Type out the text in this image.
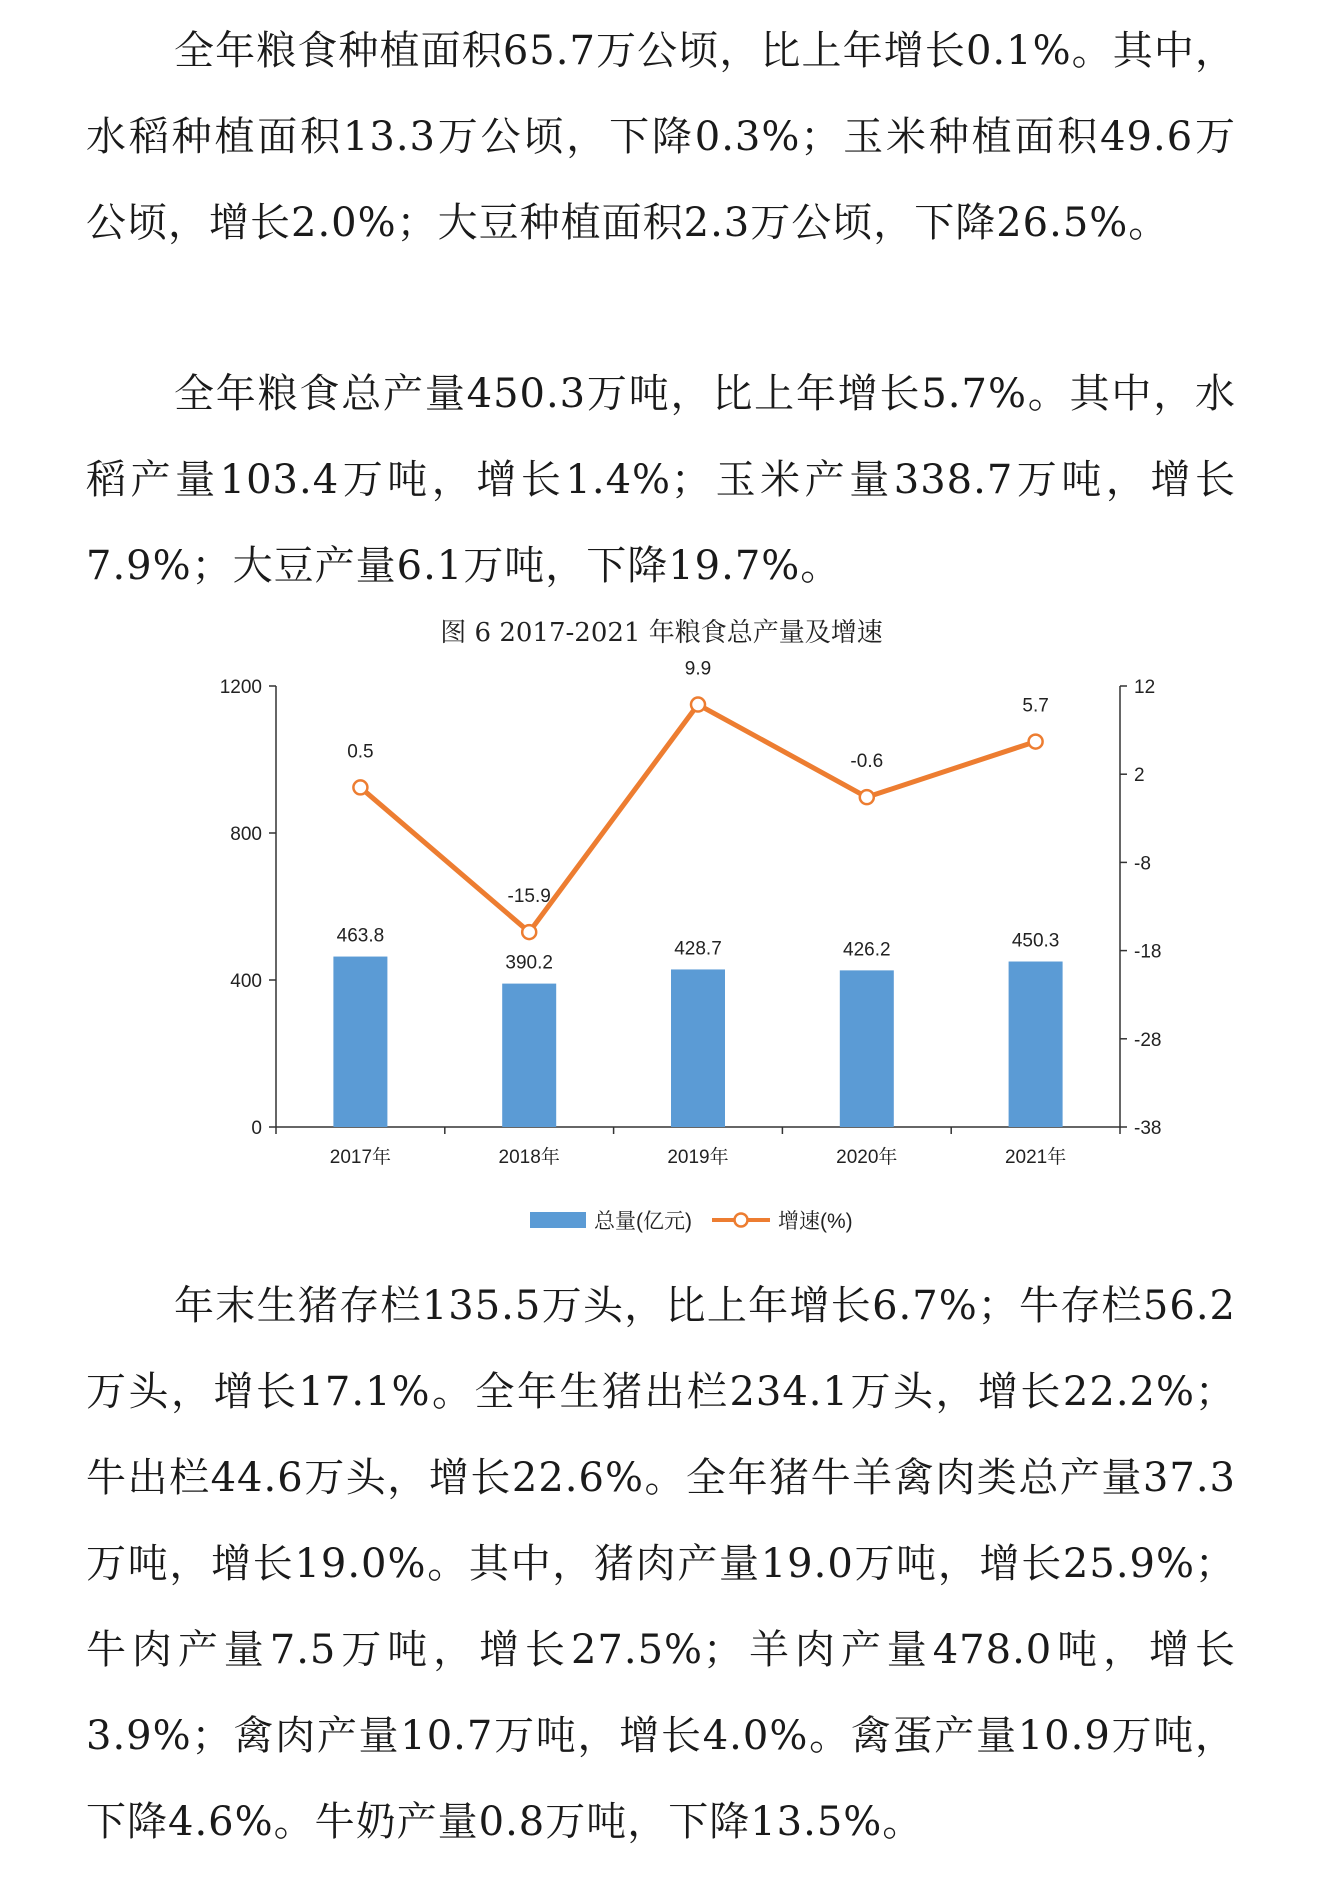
全年粮食种植面积65.7万公顷，比上年增长0.1%。其中，水稻种植面积13.3万公顷，下降0.3%；玉米种植面积49.6万公顷，增长2.0%；大豆种植面积2.3万公顷，下降26.5%。

全年粮食总产量450.3万吨，比上年增长5.7%。其中，水稻产量103.4万吨，增长1.4%；玉米产量338.7万吨，增长7.9%；大豆产量6.1万吨，下降19.7%。

图 6 2017-2021 年粮食总产量及增速

0
400
800
1200
-38
-28
-18
-8
2
12
2017年	2018年	2019年	2020年	2021年
463.8
390.2
428.7	426.2	450.3
0.5
-15.9
9.9
-0.6
5.7
总量(亿元)	增速(%)

年末生猪存栏135.5万头，比上年增长6.7%；牛存栏56.2万头，增长17.1%。全年生猪出栏234.1万头，增长22.2%；牛出栏44.6万头，增长22.6%。全年猪牛羊禽肉类总产量37.3万吨，增长19.0%。其中，猪肉产量19.0万吨，增长25.9%；牛肉产量7.5万吨，增长27.5%；羊肉产量478.0吨，增长3.9%；禽肉产量10.7万吨，增长4.0%。禽蛋产量10.9万吨，下降4.6%。牛奶产量0.8万吨，下降13.5%。
